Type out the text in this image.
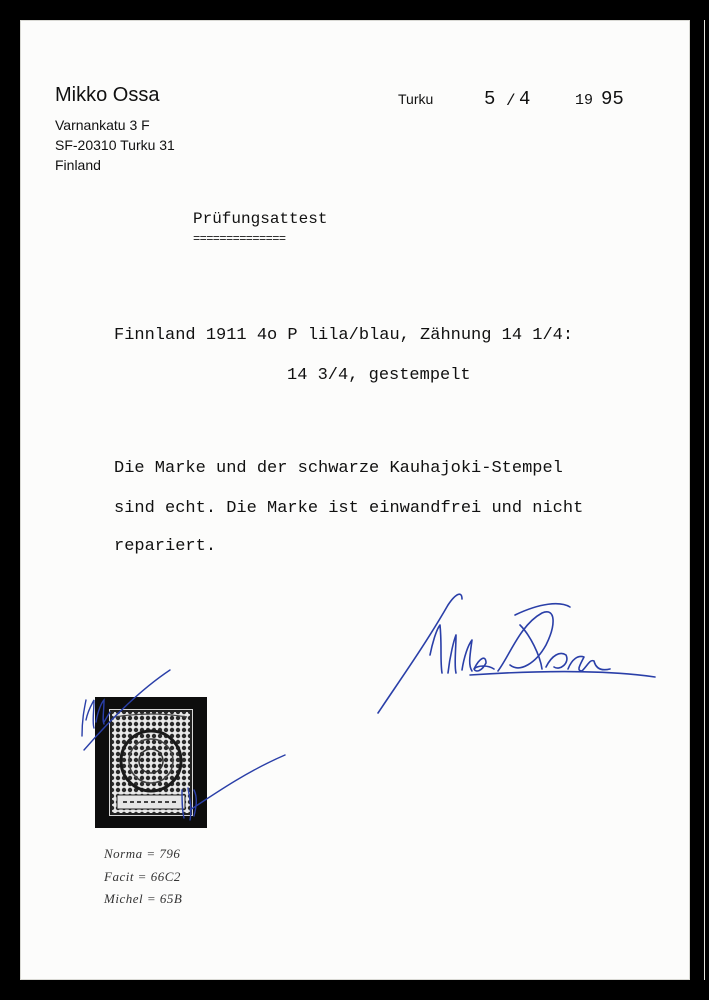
Mikko Ossa
Varnankatu 3 F
SF-20310 Turku 31
Finland
Turku	5 / 4	19 95
Prüfungsattest
==============
Finnland 1911 4o P lila/blau, Zähnung 14 1/4:
14 3/4, gestempelt
Die Marke und der schwarze Kauhajoki-Stempel
sind echt. Die Marke ist einwandfrei und nicht
repariert.
Norma = 796
Facit = 66C2
Michel = 65B
